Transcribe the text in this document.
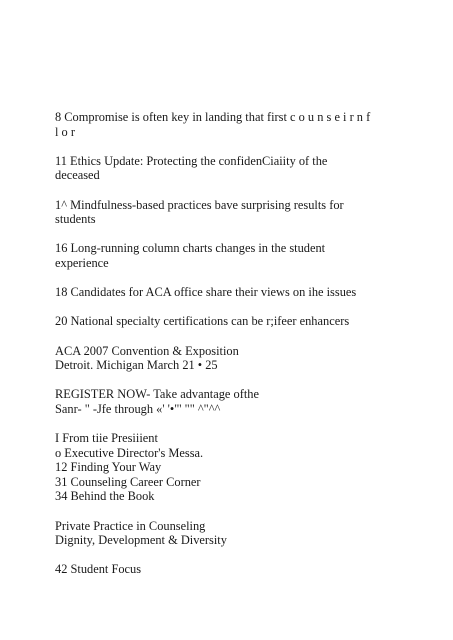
8 Compromise is often key in landing that first c o u n s e i r n f
l o r
11 Ethics Update: Protecting the confidenCiaiity of the
deceased
1^ Mindfulness-based practices bave surprising results for
students
16 Long-running column charts changes in the student
experience
18 Candidates for ACA office share their views on ihe issues
20 National specialty certifications can be r;ifeer enhancers
ACA 2007 Convention & Exposition
Detroit. Michigan March 21 • 25
REGISTER NOW- Take advantage ofthe
Sanr- " -Jfe through «' '•"' "" ^"^^
I From tiie Presiiient
o Executive Director's Messa.
12 Finding Your Way
31 Counseling Career Corner
34 Behind the Book
Private Practice in Counseling
Dignity, Development & Diversity
42 Student Focus
